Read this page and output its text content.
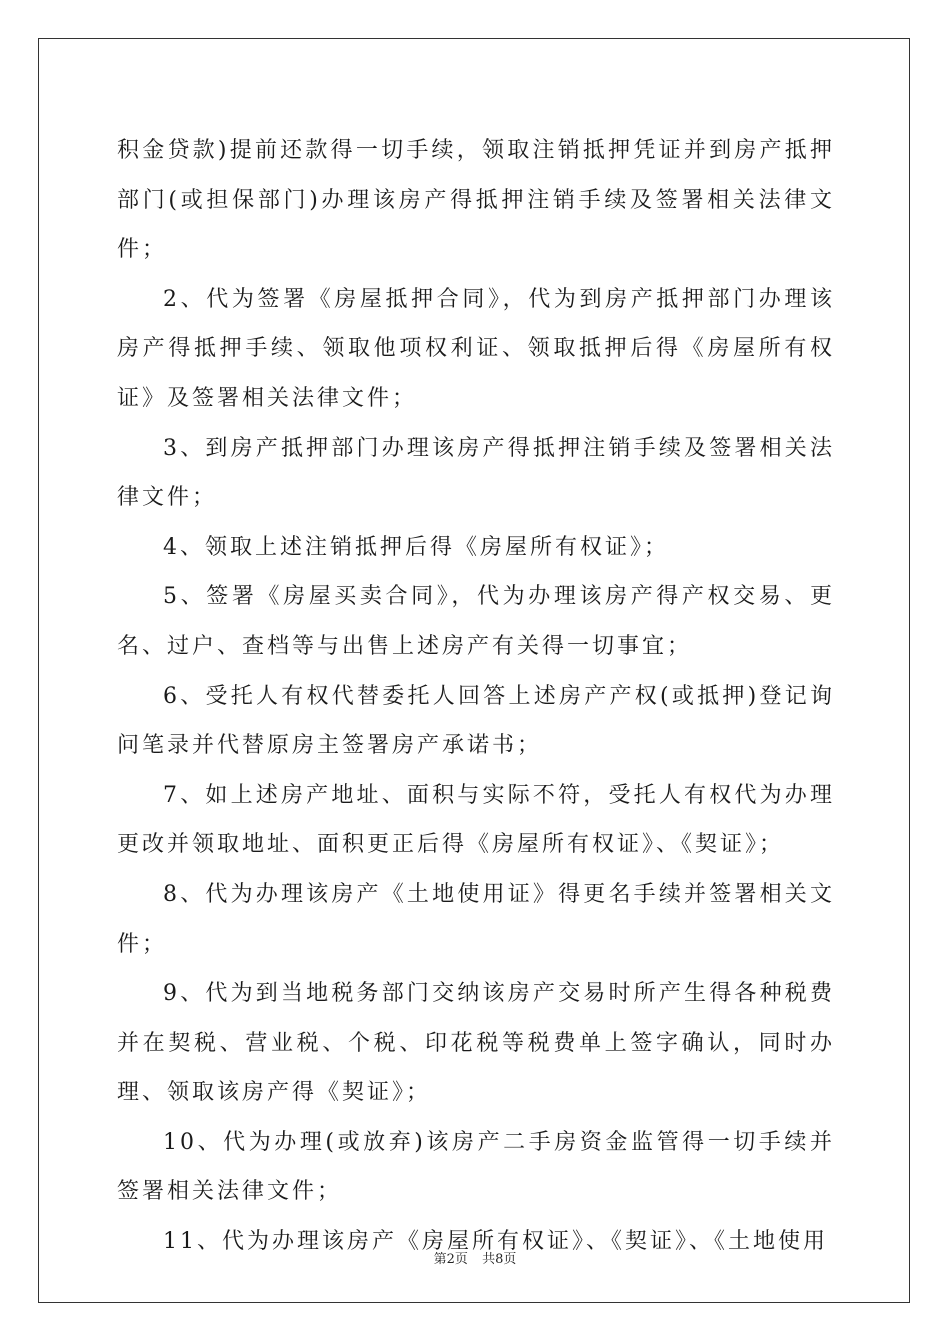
积金贷款)提前还款得一切手续，领取注销抵押凭证并到房产抵押部门(或担保部门)办理该房产得抵押注销手续及签署相关法律文件；

2、代为签署《房屋抵押合同》，代为到房产抵押部门办理该房产得抵押手续、领取他项权利证、领取抵押后得《房屋所有权证》及签署相关法律文件；

3、到房产抵押部门办理该房产得抵押注销手续及签署相关法律文件；

4、领取上述注销抵押后得《房屋所有权证》；

5、签署《房屋买卖合同》，代为办理该房产得产权交易、更名、过户、查档等与出售上述房产有关得一切事宜；

6、受托人有权代替委托人回答上述房产产权(或抵押)登记询问笔录并代替原房主签署房产承诺书；

7、如上述房产地址、面积与实际不符，受托人有权代为办理更改并领取地址、面积更正后得《房屋所有权证》、《契证》；

8、代为办理该房产《土地使用证》得更名手续并签署相关文件；

9、代为到当地税务部门交纳该房产交易时所产生得各种税费并在契税、营业税、个税、印花税等税费单上签字确认，同时办理、领取该房产得《契证》；

10、代为办理(或放弃)该房产二手房资金监管得一切手续并签署相关法律文件；

11、代为办理该房产《房屋所有权证》、《契证》、《土地使用

第2页 共8页
